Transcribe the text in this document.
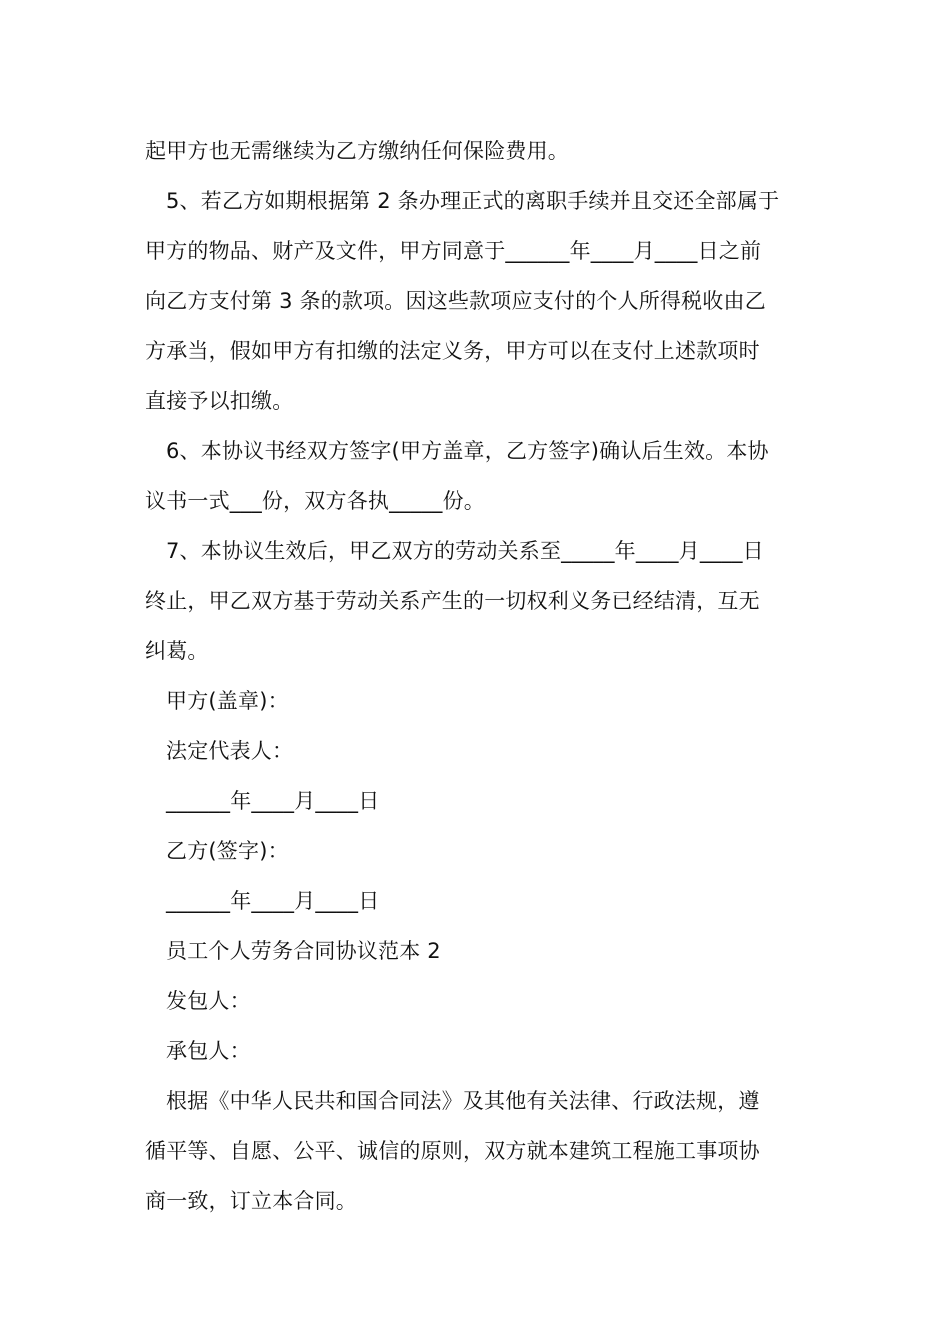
起甲方也无需继续为乙方缴纳任何保险费用。
5、若乙方如期根据第 2 条办理正式的离职手续并且交还全部属于
甲方的物品、财产及文件，甲方同意于______年____月____日之前
向乙方支付第 3 条的款项。因这些款项应支付的个人所得税收由乙
方承当，假如甲方有扣缴的法定义务，甲方可以在支付上述款项时
直接予以扣缴。
6、本协议书经双方签字(甲方盖章，乙方签字)确认后生效。本协
议书一式___份，双方各执_____份。
7、本协议生效后，甲乙双方的劳动关系至_____年____月____日
终止，甲乙双方基于劳动关系产生的一切权利义务已经结清，互无
纠葛。
甲方(盖章)：
法定代表人：
______年____月____日
乙方(签字)：
______年____月____日
员工个人劳务合同协议范本 2
发包人：
承包人：
根据《中华人民共和国合同法》及其他有关法律、行政法规，遵
循平等、自愿、公平、诚信的原则，双方就本建筑工程施工事项协
商一致，订立本合同。
